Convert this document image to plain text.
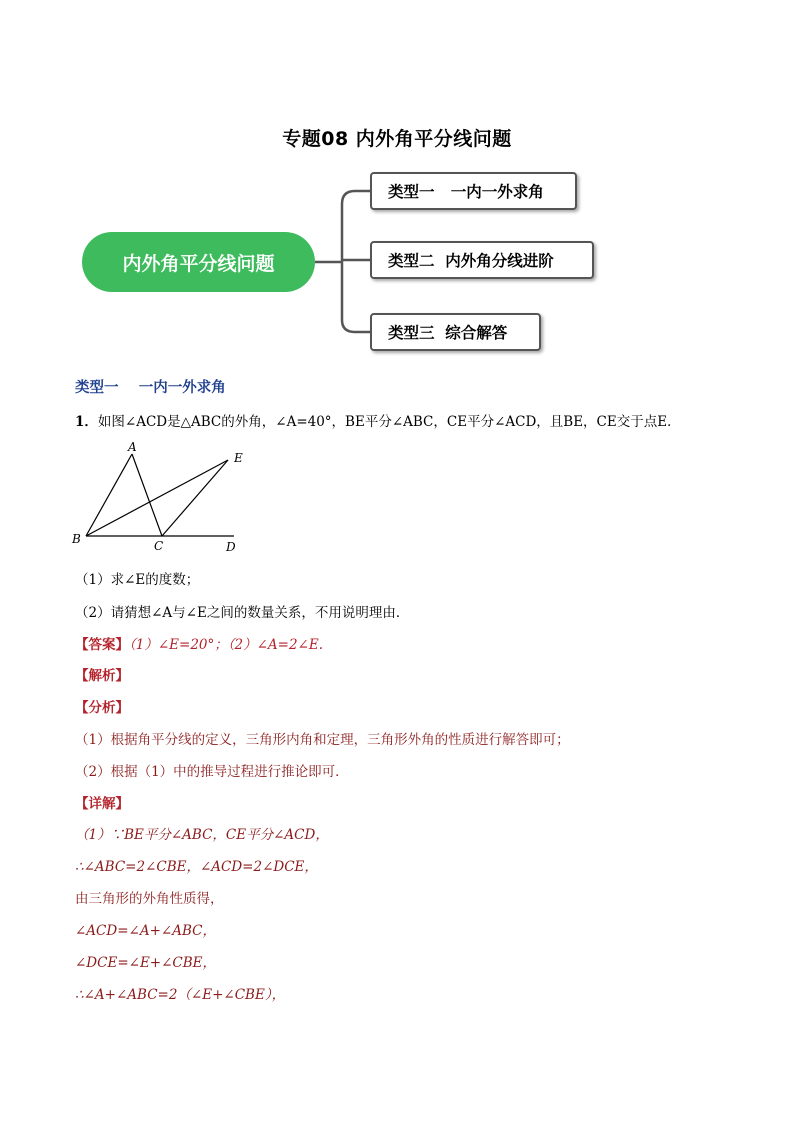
专题08 内外角平分线问题
内外角平分线问题
类型一   一内一外求角
类型二  内外角分线进阶
类型三  综合解答
类型一    一内一外求角
1．如图∠ACD是△ABC的外角，∠A=40°，BE平分∠ABC，CE平分∠ACD，且BE，CE交于点E．
A
B	C	D
E
（1）求∠E的度数；
（2）请猜想∠A与∠E之间的数量关系，不用说明理由．
【答案】（1）∠E=20°；（2）∠A=2∠E.
【解析】
【分析】
（1）根据角平分线的定义，三角形内角和定理，三角形外角的性质进行解答即可；
（2）根据（1）中的推导过程进行推论即可．
【详解】
（1）∵BE平分∠ABC，CE平分∠ACD，
∴∠ABC=2∠CBE，∠ACD=2∠DCE，
由三角形的外角性质得，
∠ACD=∠A+∠ABC，
∠DCE=∠E+∠CBE，
∴∠A+∠ABC=2（∠E+∠CBE），
